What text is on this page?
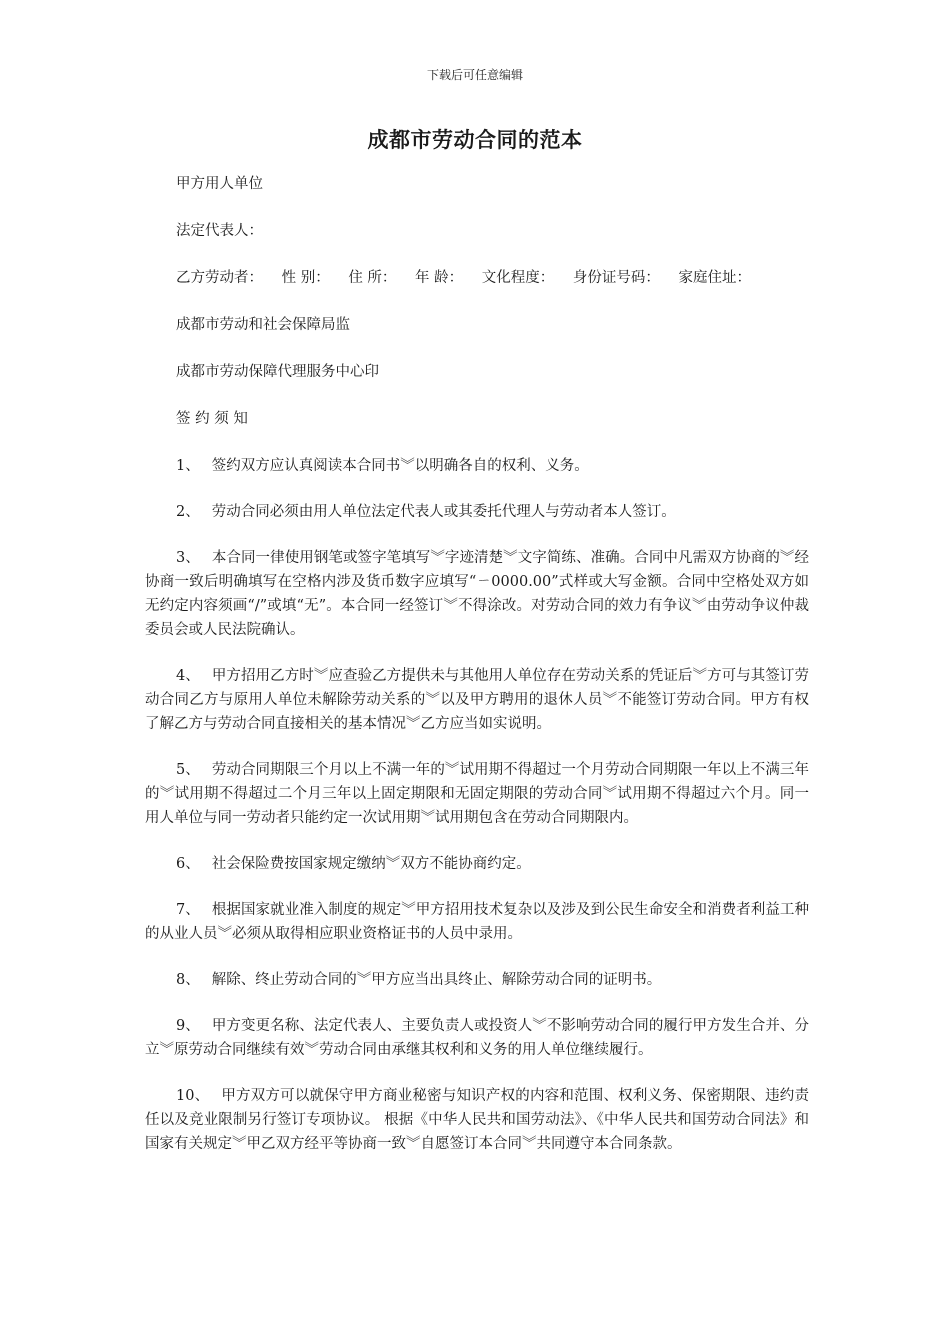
下载后可任意编辑
成都市劳动合同的范本
甲方用人单位
法定代表人：
乙方劳动者： 性 别： 住 所： 年 龄： 文化程度： 身份证号码： 家庭住址：
成都市劳动和社会保障局监
成都市劳动保障代理服务中心印
签 约 须 知

1、 签约双方应认真阅读本合同书︾以明确各自的权利、义务。

2、 劳动合同必须由用人单位法定代表人或其委托代理人与劳动者本人签订。

3、 本合同一律使用钢笔或签字笔填写︾字迹清楚︾文字简练、准确。合同中凡需双方协商的︾经协商一致后明确填写在空格内涉及货币数字应填写“ㄧ0000.00”式样或大写金额。合同中空格处双方如无约定内容须画“/”或填“无”。本合同一经签订︾不得涂改。对劳动合同的效力有争议︾由劳动争议仲裁委员会或人民法院确认。

4、 甲方招用乙方时︾应查验乙方提供未与其他用人单位存在劳动关系的凭证后︾方可与其签订劳动合同乙方与原用人单位未解除劳动关系的︾以及甲方聘用的退休人员︾不能签订劳动合同。甲方有权了解乙方与劳动合同直接相关的基本情况︾乙方应当如实说明。

5、 劳动合同期限三个月以上不满一年的︾试用期不得超过一个月劳动合同期限一年以上不满三年的︾试用期不得超过二个月三年以上固定期限和无固定期限的劳动合同︾试用期不得超过六个月。同一用人单位与同一劳动者只能约定一次试用期︾试用期包含在劳动合同期限内。

6、 社会保险费按国家规定缴纳︾双方不能协商约定。

7、 根据国家就业准入制度的规定︾甲方招用技术复杂以及涉及到公民生命安全和消费者利益工种的从业人员︾必须从取得相应职业资格证书的人员中录用。

8、 解除、终止劳动合同的︾甲方应当出具终止、解除劳动合同的证明书。

9、 甲方变更名称、法定代表人、主要负责人或投资人︾不影响劳动合同的履行甲方发生合并、分立︾原劳动合同继续有效︾劳动合同由承继其权利和义务的用人单位继续履行。

10、 甲方双方可以就保守甲方商业秘密与知识产权的内容和范围、权利义务、保密期限、违约责任以及竞业限制另行签订专项协议。 根据《中华人民共和国劳动法》、《中华人民共和国劳动合同法》和国家有关规定︾甲乙双方经平等协商一致︾自愿签订本合同︾共同遵守本合同条款。
